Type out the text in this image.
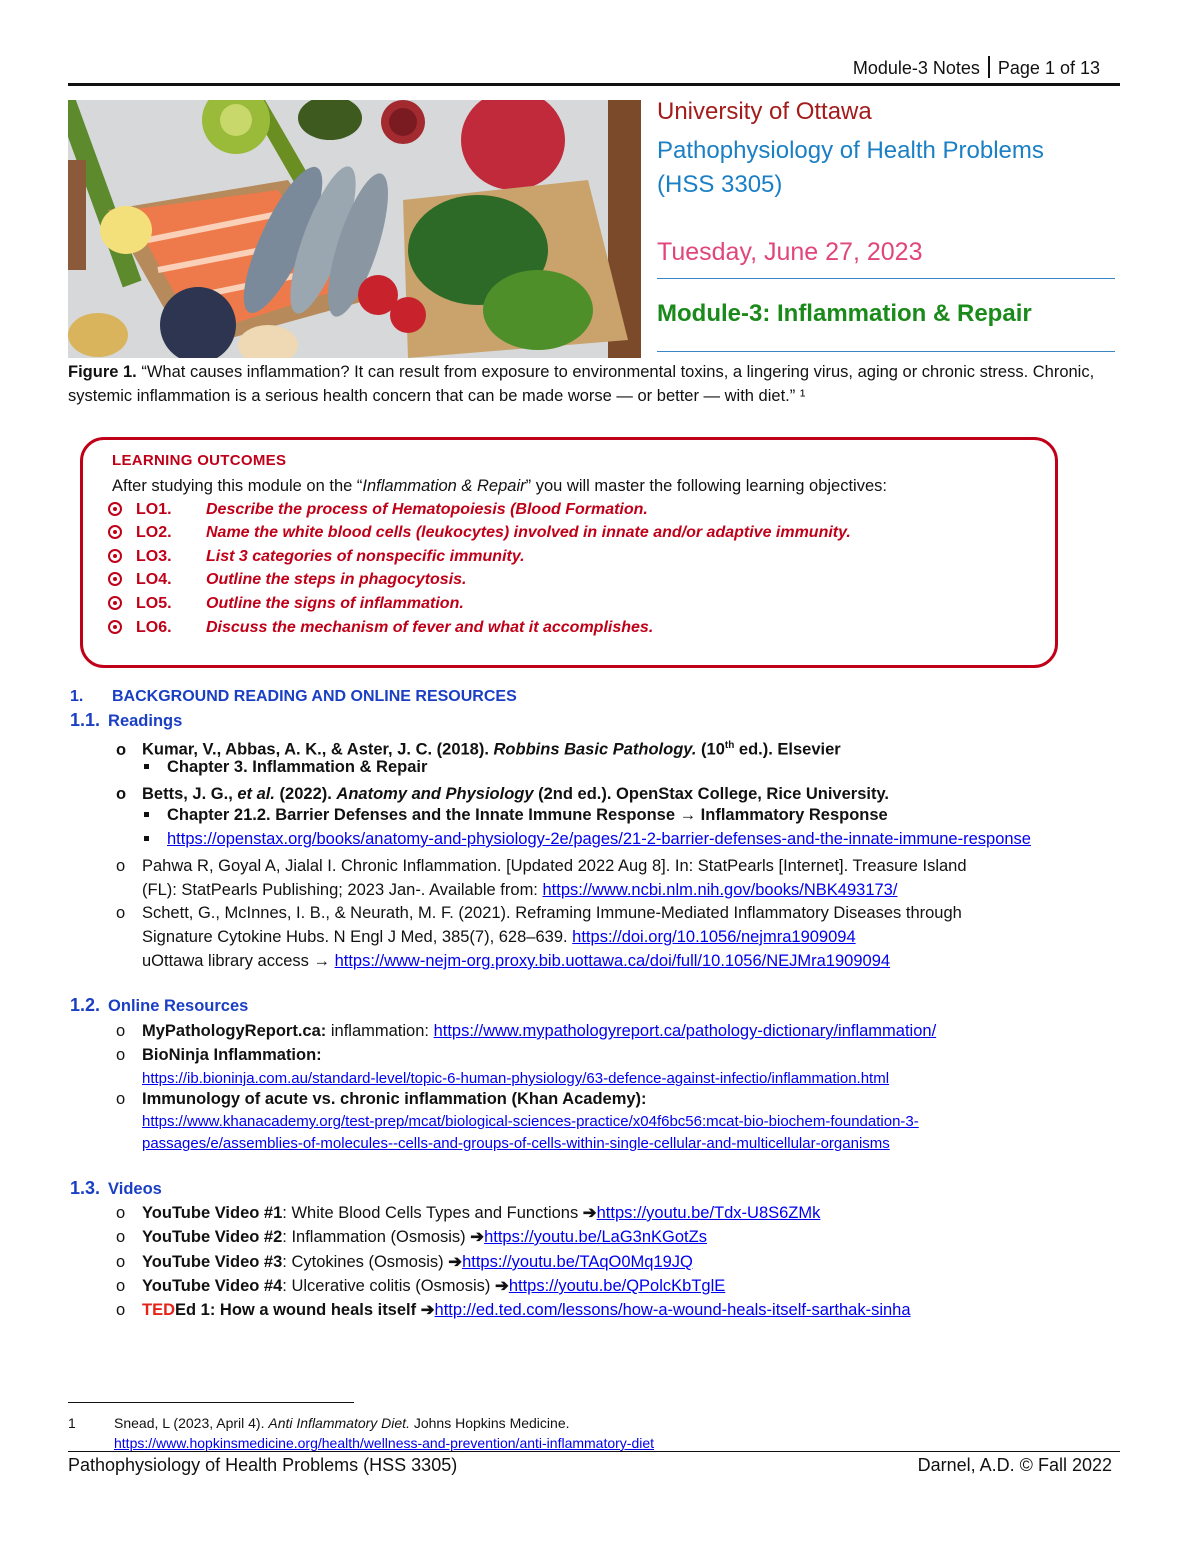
Module-3 Notes Page 1 of 13
University of Ottawa
Pathophysiology of Health Problems
(HSS 3305)
Tuesday, June 27, 2023
Module-3: Inflammation & Repair
Figure 1. “What causes inflammation? It can result from exposure to environmental toxins, a lingering virus, aging or chronic stress. Chronic, systemic inflammation is a serious health concern that can be made worse — or better — with diet.” ¹
LEARNING OUTCOMES
After studying this module on the “Inflammation & Repair” you will master the following learning objectives:
LO1. Describe the process of Hematopoiesis (Blood Formation.
LO2. Name the white blood cells (leukocytes) involved in innate and/or adaptive immunity.
LO3. List 3 categories of nonspecific immunity.
LO4. Outline the steps in phagocytosis.
LO5. Outline the signs of inflammation.
LO6. Discuss the mechanism of fever and what it accomplishes.
1. BACKGROUND READING AND ONLINE RESOURCES
1.1. Readings
o Kumar, V., Abbas, A. K., & Aster, J. C. (2018). Robbins Basic Pathology. (10th ed.). Elsevier
Chapter 3. Inflammation & Repair
o Betts, J. G., et al. (2022). Anatomy and Physiology (2nd ed.). OpenStax College, Rice University.
Chapter 21.2. Barrier Defenses and the Innate Immune Response → Inflammatory Response
https://openstax.org/books/anatomy-and-physiology-2e/pages/21-2-barrier-defenses-and-the-innate-immune-response
o Pahwa R, Goyal A, Jialal I. Chronic Inflammation. [Updated 2022 Aug 8]. In: StatPearls [Internet]. Treasure Island
(FL): StatPearls Publishing; 2023 Jan-. Available from: https://www.ncbi.nlm.nih.gov/books/NBK493173/
o Schett, G., McInnes, I. B., & Neurath, M. F. (2021). Reframing Immune-Mediated Inflammatory Diseases through
Signature Cytokine Hubs. N Engl J Med, 385(7), 628–639. https://doi.org/10.1056/nejmra1909094
uOttawa library access → https://www-nejm-org.proxy.bib.uottawa.ca/doi/full/10.1056/NEJMra1909094
1.2. Online Resources
o MyPathologyReport.ca: inflammation: https://www.mypathologyreport.ca/pathology-dictionary/inflammation/
o BioNinja Inflammation:
https://ib.bioninja.com.au/standard-level/topic-6-human-physiology/63-defence-against-infectio/inflammation.html
o Immunology of acute vs. chronic inflammation (Khan Academy):
https://www.khanacademy.org/test-prep/mcat/biological-sciences-practice/x04f6bc56:mcat-bio-biochem-foundation-3-
passages/e/assemblies-of-molecules--cells-and-groups-of-cells-within-single-cellular-and-multicellular-organisms
1.3. Videos
o YouTube Video #1: White Blood Cells Types and Functions ➔https://youtu.be/Tdx-U8S6ZMk
o YouTube Video #2: Inflammation (Osmosis) ➔https://youtu.be/LaG3nKGotZs
o YouTube Video #3: Cytokines (Osmosis) ➔https://youtu.be/TAqO0Mq19JQ
o YouTube Video #4: Ulcerative colitis (Osmosis) ➔https://youtu.be/QPolcKbTglE
o TEDEd 1: How a wound heals itself ➔http://ed.ted.com/lessons/how-a-wound-heals-itself-sarthak-sinha
1	Snead, L (2023, April 4). Anti Inflammatory Diet. Johns Hopkins Medicine.
https://www.hopkinsmedicine.org/health/wellness-and-prevention/anti-inflammatory-diet
Pathophysiology of Health Problems (HSS 3305)	Darnel, A.D. © Fall 2022
